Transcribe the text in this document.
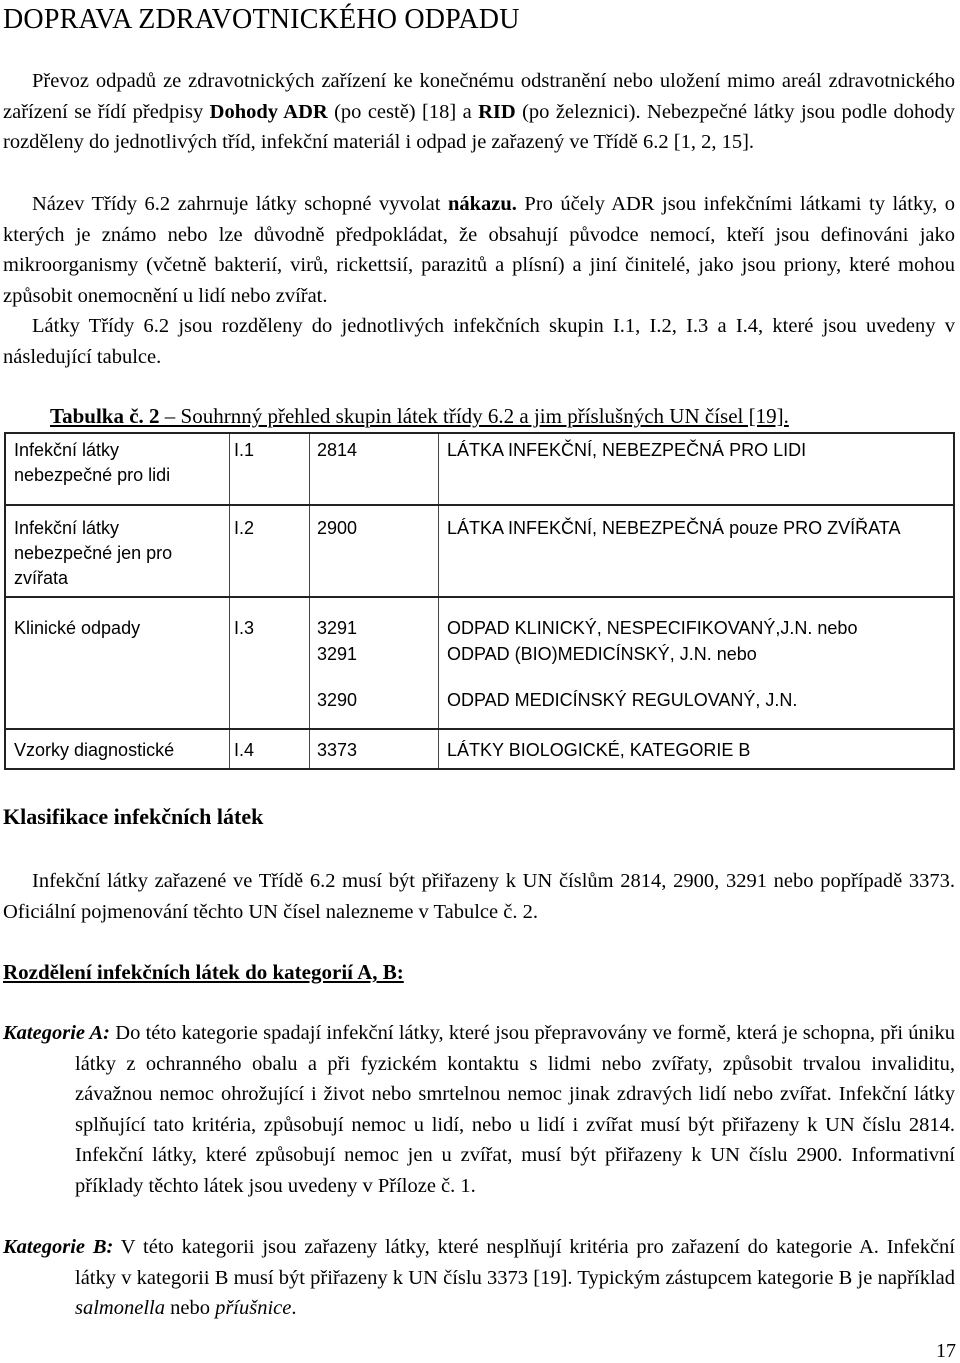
DOPRAVA ZDRAVOTNICKÉHO ODPADU

Převoz odpadů ze zdravotnických zařízení ke konečnému odstranění nebo uložení mimo areál zdravotnického zařízení se řídí předpisy Dohody ADR (po cestě) [18] a RID (po železnici). Nebezpečné látky jsou podle dohody rozděleny do jednotlivých tříd, infekční materiál i odpad je zařazený ve Třídě 6.2 [1, 2, 15].

Název Třídy 6.2 zahrnuje látky schopné vyvolat nákazu. Pro účely ADR jsou infekčními látkami ty látky, o kterých je známo nebo lze důvodně předpokládat, že obsahují původce nemocí, kteří jsou definováni jako mikroorganismy (včetně bakterií, virů, rickettsií, parazitů a plísní) a jiní činitelé, jako jsou priony, které mohou způsobit onemocnění u lidí nebo zvířat.

Látky Třídy 6.2 jsou rozděleny do jednotlivých infekčních skupin I.1, I.2, I.3 a I.4, které jsou uvedeny v následující tabulce.

Tabulka č. 2 – Souhrnný přehled skupin látek třídy 6.2 a jim příslušných UN čísel [19].

Infekční látky
nebezpečné pro lidi
I.1	2814	LÁTKA INFEKČNÍ, NEBEZPEČNÁ PRO LIDI
Infekční látky
nebezpečné jen pro
zvířata
I.2	2900	LÁTKA INFEKČNÍ, NEBEZPEČNÁ pouze PRO ZVÍŘATA
Klinické odpady	I.3	3291	ODPAD KLINICKÝ, NESPECIFIKOVANÝ,J.N. nebo
3291	ODPAD (BIO)MEDICÍNSKÝ, J.N. nebo
3290	ODPAD MEDICÍNSKÝ REGULOVANÝ, J.N.
Vzorky diagnostické	I.4	3373	LÁTKY BIOLOGICKÉ, KATEGORIE B
Klasifikace infekčních látek

Infekční látky zařazené ve Třídě 6.2 musí být přiřazeny k UN číslům 2814, 2900, 3291 nebo popřípadě 3373. Oficiální pojmenování těchto UN čísel nalezneme v Tabulce č. 2.

Rozdělení infekčních látek do kategorií A, B:

Kategorie A: Do této kategorie spadají infekční látky, které jsou přepravovány ve formě, která je schopna, při úniku látky z ochranného obalu a při fyzickém kontaktu s lidmi nebo zvířaty, způsobit trvalou invaliditu, závažnou nemoc ohrožující i život nebo smrtelnou nemoc jinak zdravých lidí nebo zvířat. Infekční látky splňující tato kritéria, způsobují nemoc u lidí, nebo u lidí i zvířat musí být přiřazeny k UN číslu 2814. Infekční látky, které způsobují nemoc jen u zvířat, musí být přiřazeny k UN číslu 2900. Informativní příklady těchto látek jsou uvedeny v Příloze č. 1.

Kategorie B: V této kategorii jsou zařazeny látky, které nesplňují kritéria pro zařazení do kategorie A. Infekční látky v kategorii B musí být přiřazeny k UN číslu 3373 [19]. Typickým zástupcem kategorie B je například salmonella nebo příušnice.

17
